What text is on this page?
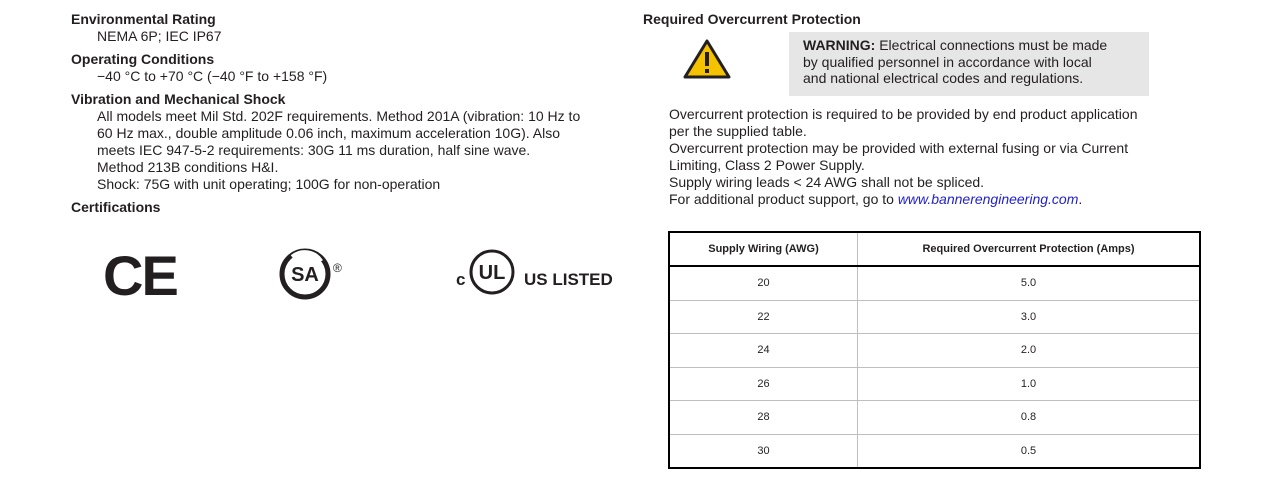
Environmental Rating

NEMA 6P; IEC IP67

Operating Conditions

−40 °C to +70 °C (−40 °F to +158 °F)

Vibration and Mechanical Shock

All models meet Mil Std. 202F requirements. Method 201A (vibration: 10 Hz to

60 Hz max., double amplitude 0.06 inch, maximum acceleration 10G). Also

meets IEC 947-5-2 requirements: 30G 11 ms duration, half sine wave.

Method 213B conditions H&I.

Shock: 75G with unit operating; 100G for non-operation

Certifications

CE	SA ®
c UL US LISTED

Required Overcurrent Protection

WARNING: Electrical connections must be made
by qualified personnel in accordance with local
and national electrical codes and regulations.

Overcurrent protection is required to be provided by end product application

per the supplied table.

Overcurrent protection may be provided with external fusing or via Current

Limiting, Class 2 Power Supply.

Supply wiring leads < 24 AWG shall not be spliced.

For additional product support, go to www.bannerengineering.com.

Supply Wiring (AWG)	Required Overcurrent Protection (Amps)
20	5.0
22	3.0
24	2.0
26	1.0
28	0.8
30	0.5
